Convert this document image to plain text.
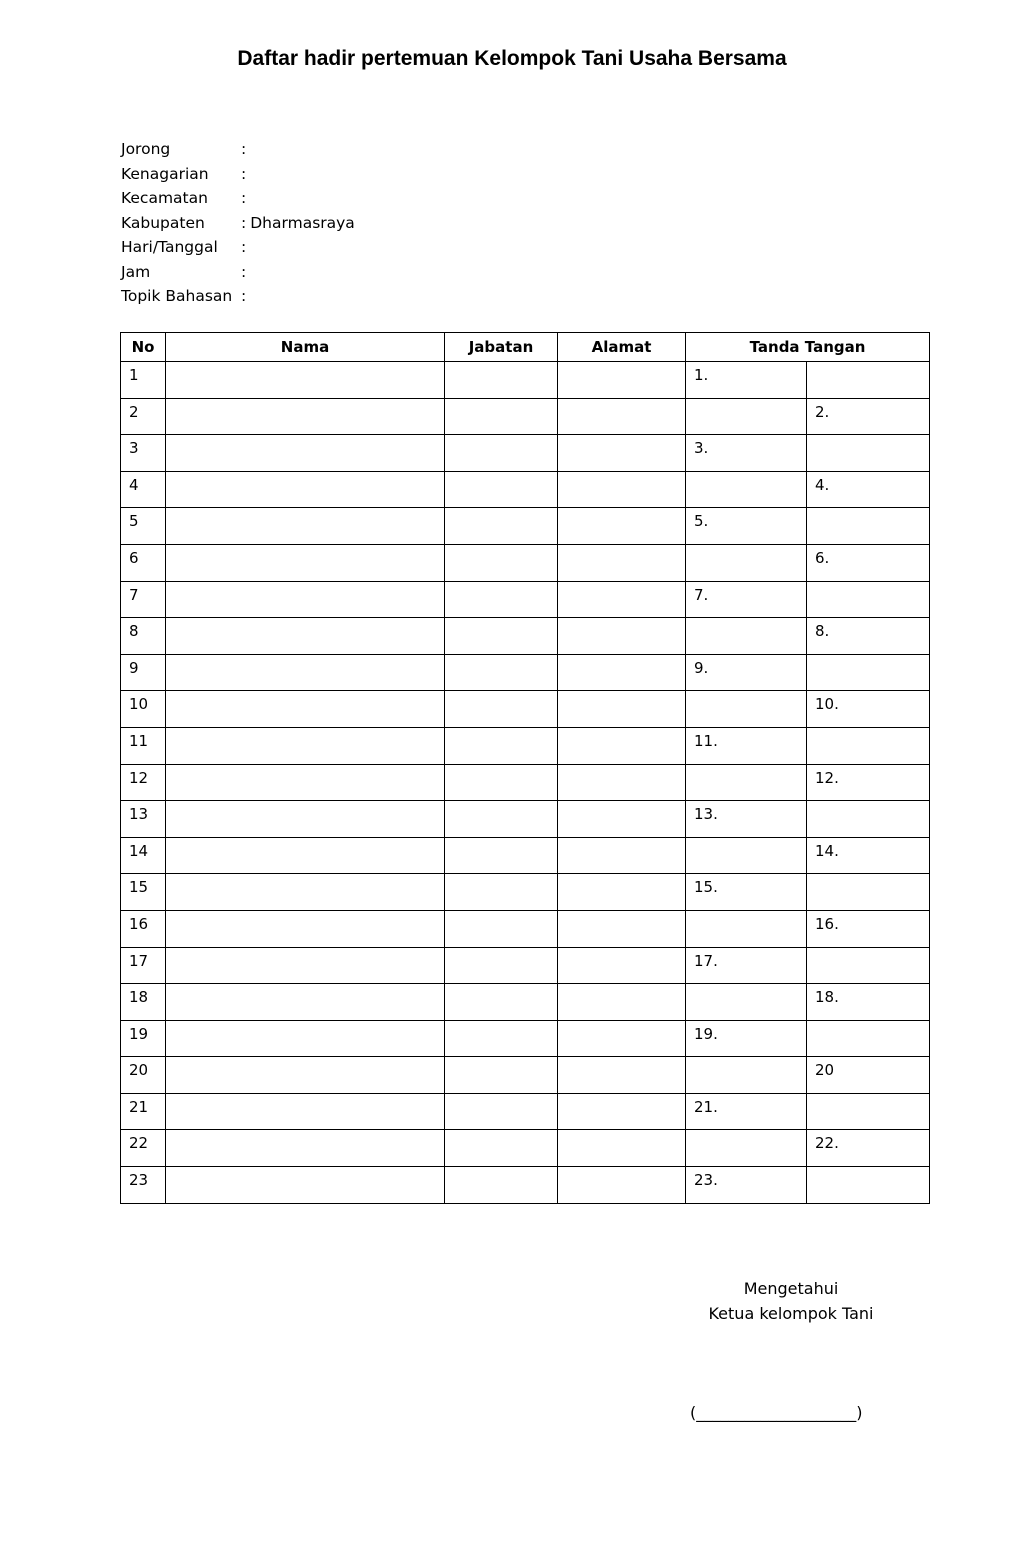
Daftar hadir pertemuan Kelompok Tani Usaha Bersama
Jorong	:
Kenagarian :
Kecamatan :
Kabupaten : Dharmasraya
Hari/Tanggal :
Jam	:
Topik Bahasan :
No	Nama	Jabatan	Alamat	Tanda Tangan	
1				1.	
2					2.
3				3.	
4					4.
5				5.	
6					6.
7				7.	
8					8.
9				9.	
10					10.
11				11.	
12					12.
13				13.	
14					14.
15				15.	
16					16.
17				17.	
18					18.
19				19.	
20					20
21				21.	
22					22.
23				23.	
Mengetahui
Ketua kelompok Tani
(____________________)
